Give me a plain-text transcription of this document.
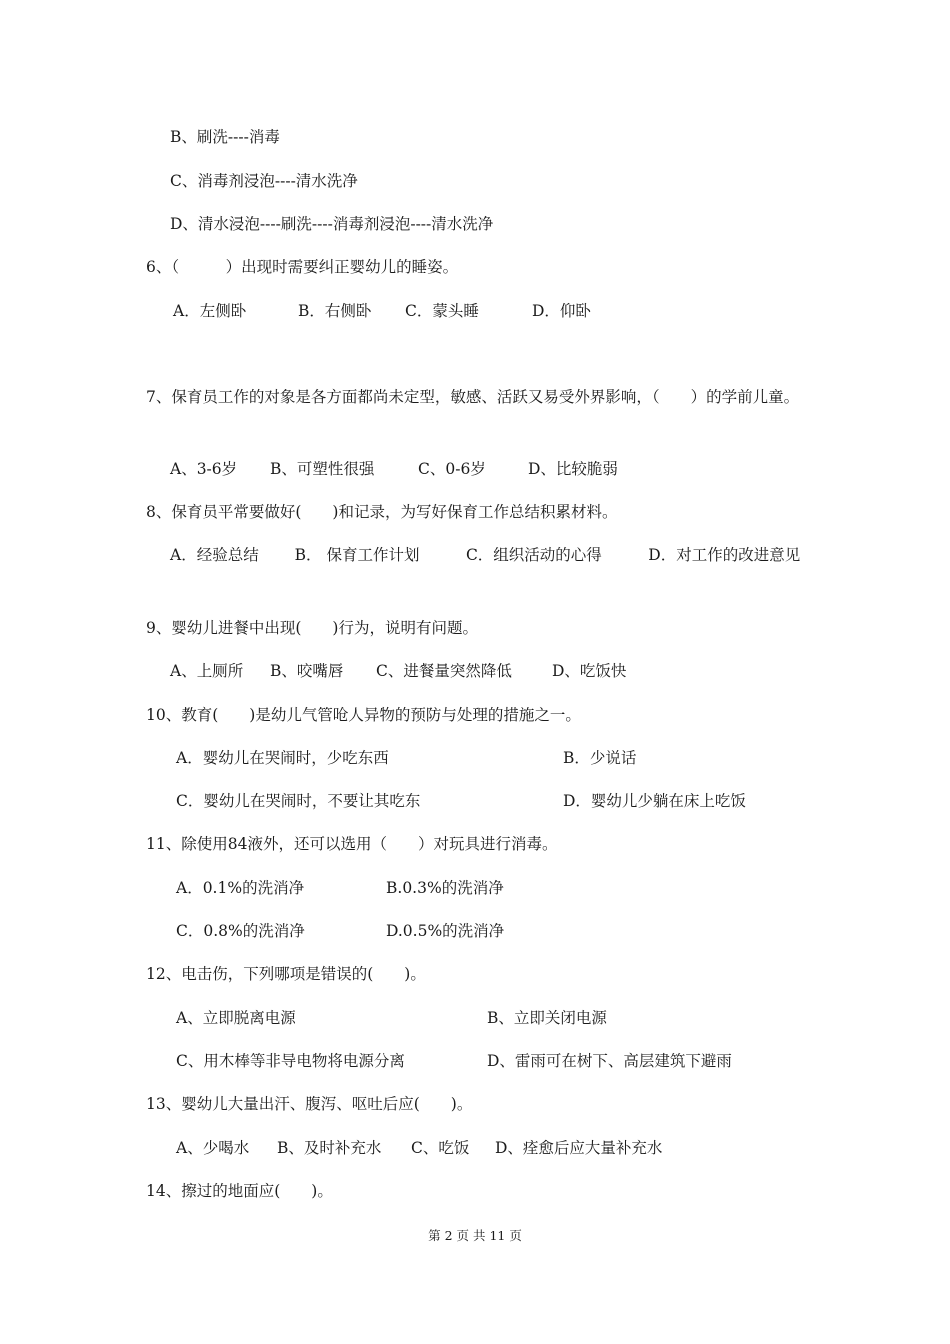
B、刷洗----消毒
C、消毒剂浸泡----清水洗净
D、清水浸泡----刷洗----消毒剂浸泡----清水洗净
6、（　　　）出现时需要纠正婴幼儿的睡姿。
A．左侧卧	B．右侧卧 C．蒙头睡	D．仰卧
7、保育员工作的对象是各方面都尚未定型，敏感、活跃又易受外界影响，（　　）的学前儿童。
A、3-6岁 B、可塑性很强	C、0-6岁	D、比较脆弱
8、保育员平常要做好(　　)和记录，为写好保育工作总结积累材料。
A．经验总结　　 B． 保育工作计划　　　C．组织活动的心得　　　D．对工作的改进意见
9、婴幼儿进餐中出现(　　)行为，说明有问题。
A、上厕所 B、咬嘴唇 C、进餐量突然降低	D、吃饭快
10、教育(　　)是幼儿气管呛人异物的预防与处理的措施之一。
A．婴幼儿在哭闹时，少吃东西	B．少说话
C．婴幼儿在哭闹时，不要让其吃东	D．婴幼儿少躺在床上吃饭
11、除使用84液外，还可以选用（　　）对玩具进行消毒。
A．0.1%的洗消净	B.0.3%的洗消净
C．0.8%的洗消净	D.0.5%的洗消净
12、电击伤，下列哪项是错误的(　　)。
A、立即脱离电源	B、立即关闭电源
C、用木棒等非导电物将电源分离	D、雷雨可在树下、高层建筑下避雨
13、婴幼儿大量出汗、腹泻、呕吐后应(　　)。
A、少喝水 B、及时补充水 C、吃饭 D、痊愈后应大量补充水
14、擦过的地面应(　　)。
第 2 页 共 11 页
